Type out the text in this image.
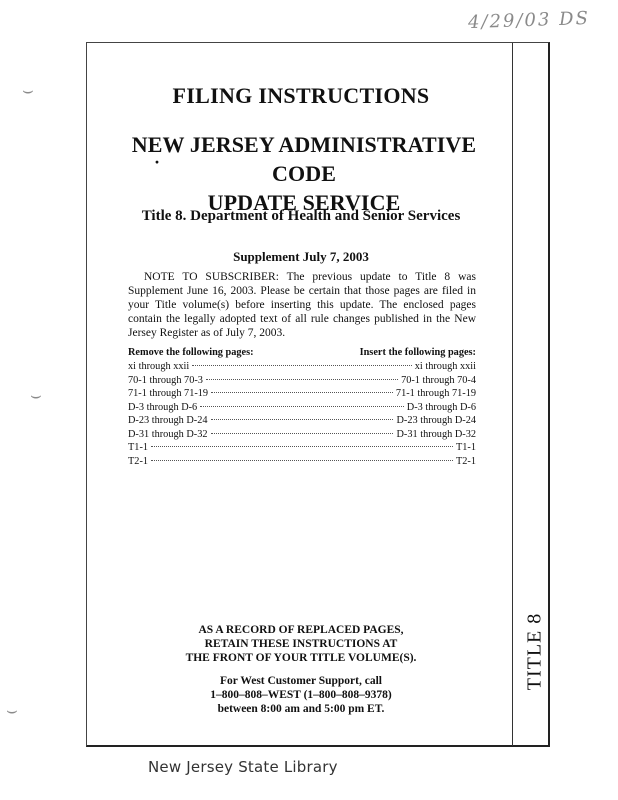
4/29/03 DS
⌣
⌣
⌣
TITLE 8
FILING INSTRUCTIONS
NEW JERSEY ADMINISTRATIVE CODE
UPDATE SERVICE
·
Title 8. Department of Health and Senior Services
Supplement July 7, 2003
NOTE TO SUBSCRIBER: The previous update to Title 8 was Supplement June 16, 2003. Please be certain that those pages are filed in your Title volume(s) before inserting this update. The enclosed pages contain the legally adopted text of all rule changes published in the New Jersey Register as of July 7, 2003.
Remove the following pages:	Insert the following pages:
xi through xxii	xi through xxii
70-1 through 70-3	70-1 through 70-4
71-1 through 71-19	71-1 through 71-19
D-3 through D-6	D-3 through D-6
D-23 through D-24	D-23 through D-24
D-31 through D-32	D-31 through D-32
T1-1	T1-1
T2-1	T2-1
AS A RECORD OF REPLACED PAGES,
RETAIN THESE INSTRUCTIONS AT
THE FRONT OF YOUR TITLE VOLUME(S).
For West Customer Support, call
1–800–808–WEST (1–800–808–9378)
between 8:00 am and 5:00 pm ET.
New Jersey State Library
